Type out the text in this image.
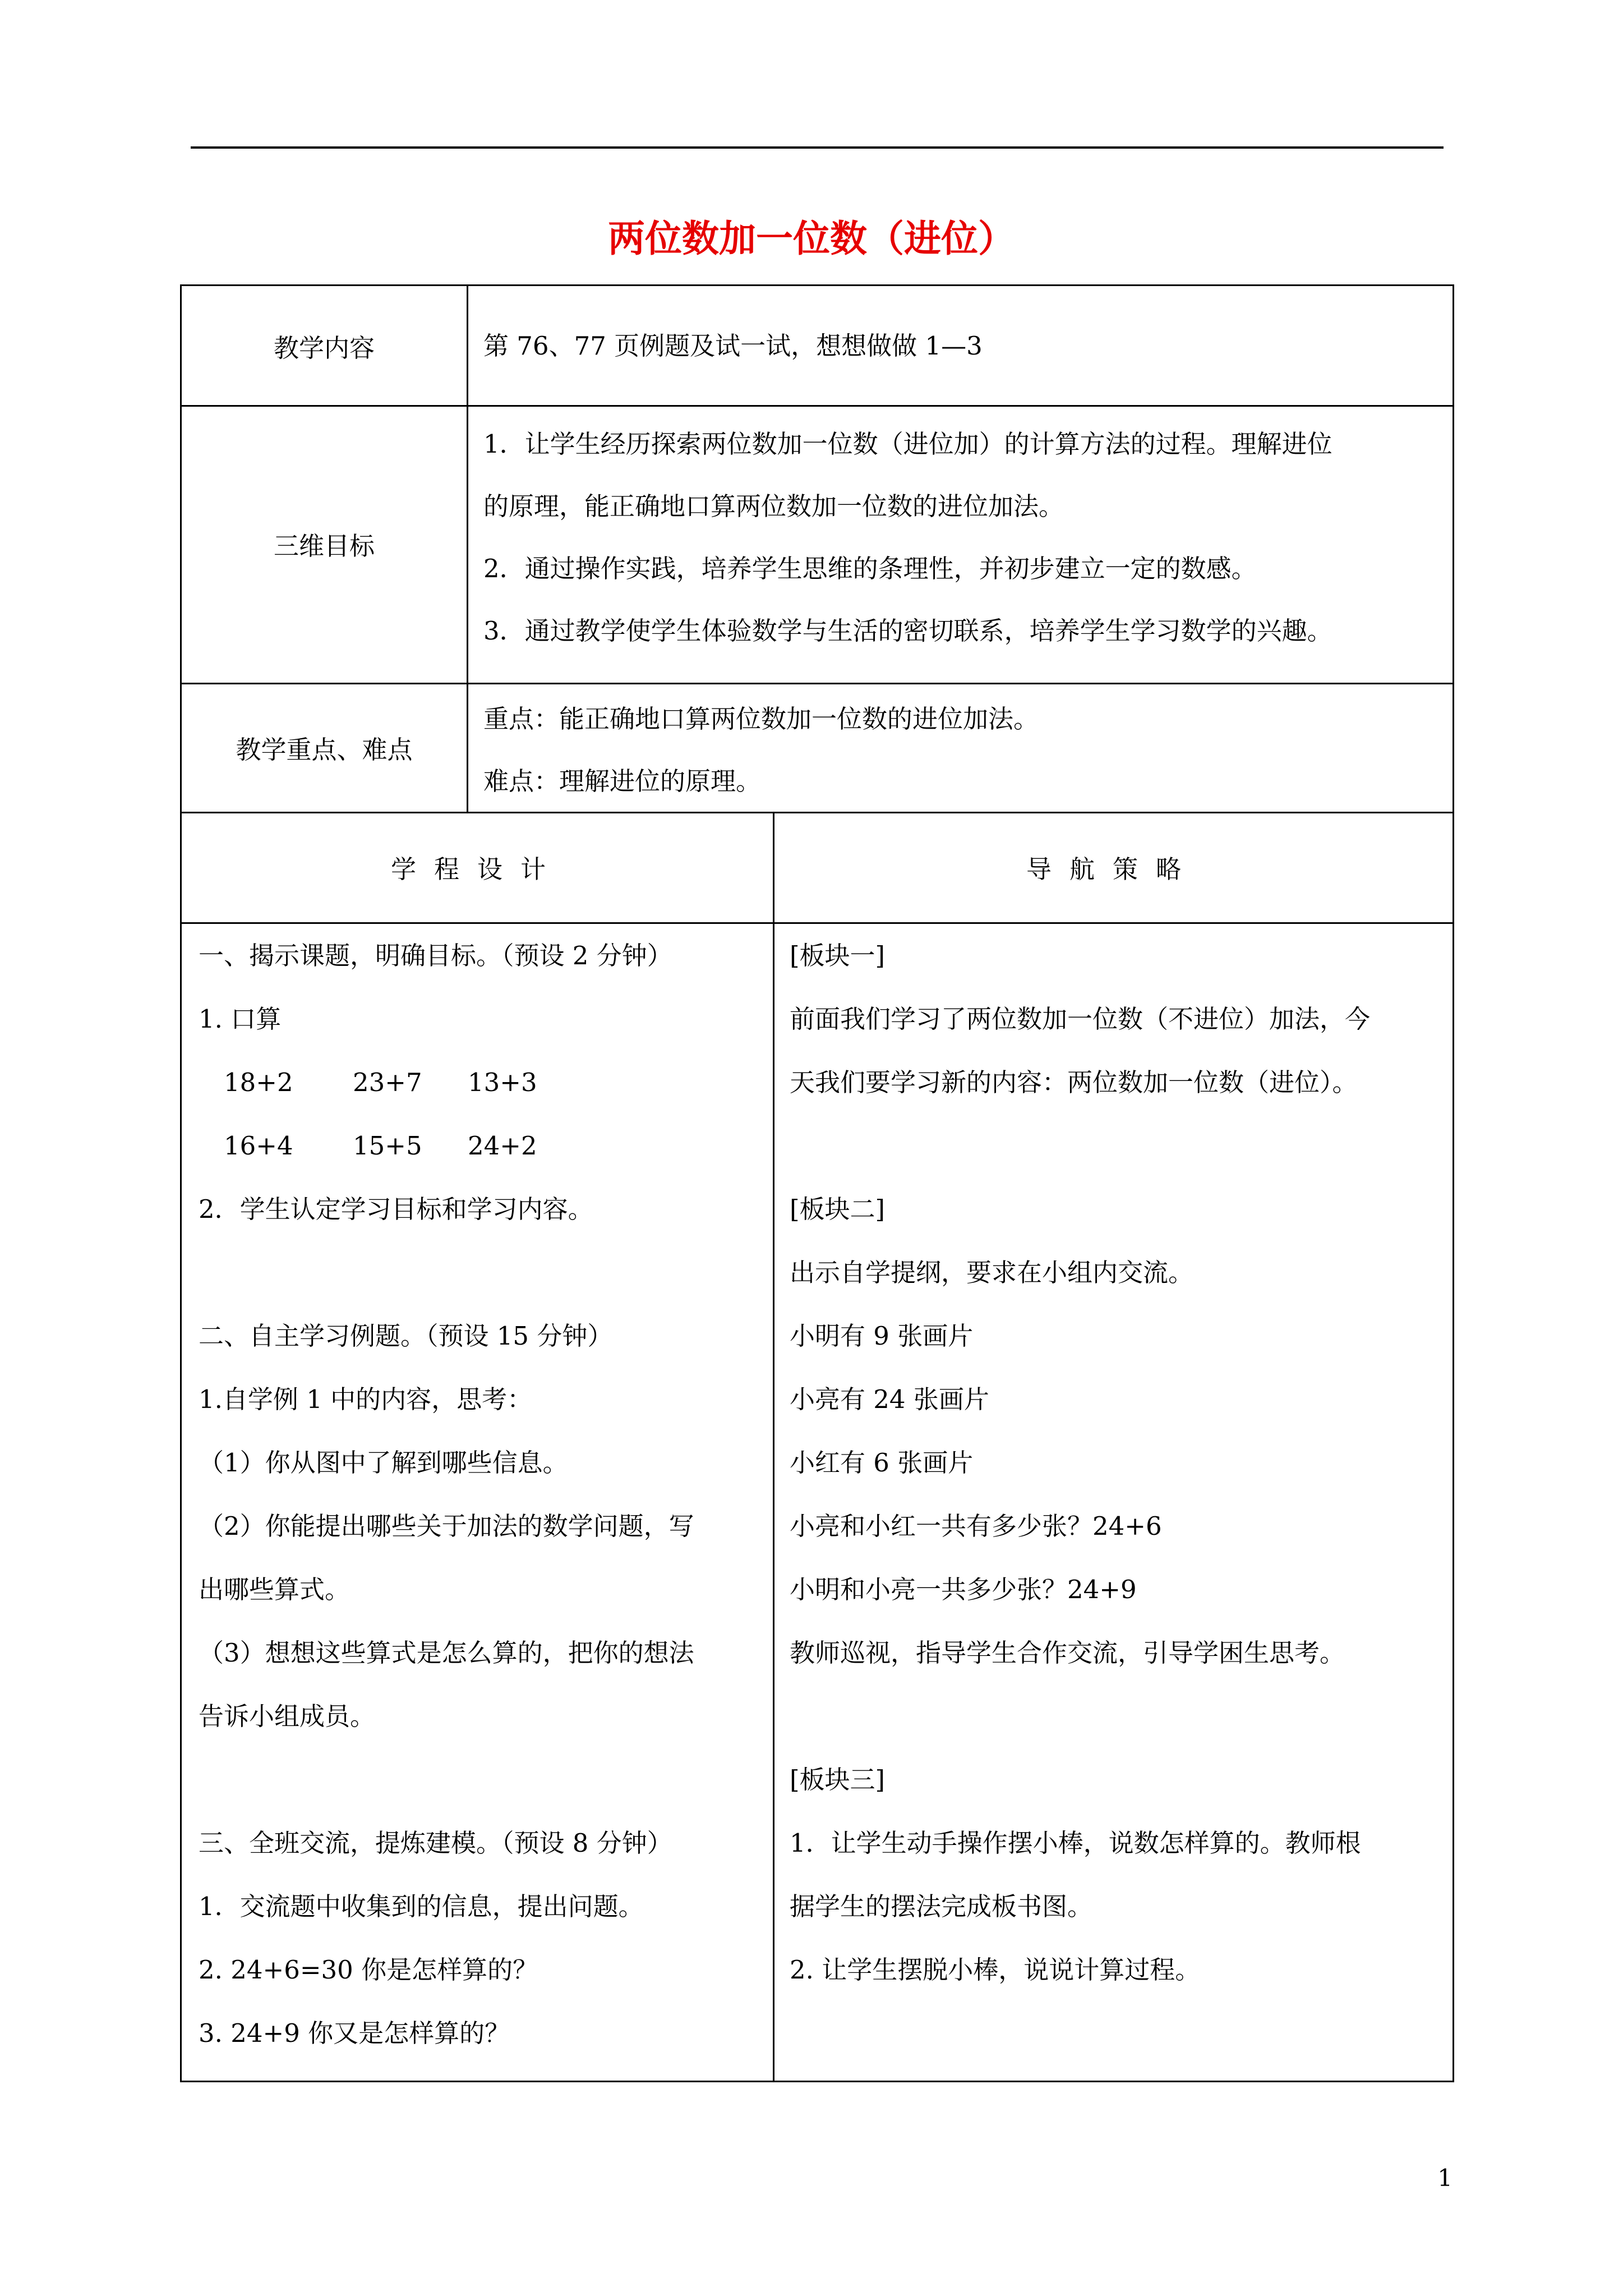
两位数加一位数（进位）
教学内容
三维目标
教学重点、难点
第 76、77 页例题及试一试，想想做做 1—3
1．让学生经历探索两位数加一位数（进位加）的计算方法的过程。理解进位
的原理，能正确地口算两位数加一位数的进位加法。
2．通过操作实践，培养学生思维的条理性，并初步建立一定的数感。
3．通过教学使学生体验数学与生活的密切联系，培养学生学习数学的兴趣。
重点：能正确地口算两位数加一位数的进位加法。
难点：理解进位的原理。
学程设计	导航策略
一、揭示课题，明确目标。（预设 2 分钟）
1. 口算
18+2 23+7 13+3
16+4 15+5 24+2
2．学生认定学习目标和学习内容。
二、自主学习例题。（预设 15 分钟）
1.自学例 1 中的内容，思考：
（1）你从图中了解到哪些信息。
（2）你能提出哪些关于加法的数学问题，写
出哪些算式。
（3）想想这些算式是怎么算的，把你的想法
告诉小组成员。
三、全班交流，提炼建模。（预设 8 分钟）
1．交流题中收集到的信息，提出问题。
2. 24+6=30 你是怎样算的？
3. 24+9 你又是怎样算的？
[板块一]
前面我们学习了两位数加一位数（不进位）加法，今
天我们要学习新的内容：两位数加一位数（进位）。
[板块二]
出示自学提纲，要求在小组内交流。
小明有 9 张画片
小亮有 24 张画片
小红有 6 张画片
小亮和小红一共有多少张？24+6
小明和小亮一共多少张？24+9
教师巡视，指导学生合作交流，引导学困生思考。
[板块三]
1．让学生动手操作摆小棒，说数怎样算的。教师根
据学生的摆法完成板书图。
2. 让学生摆脱小棒，说说计算过程。
1
